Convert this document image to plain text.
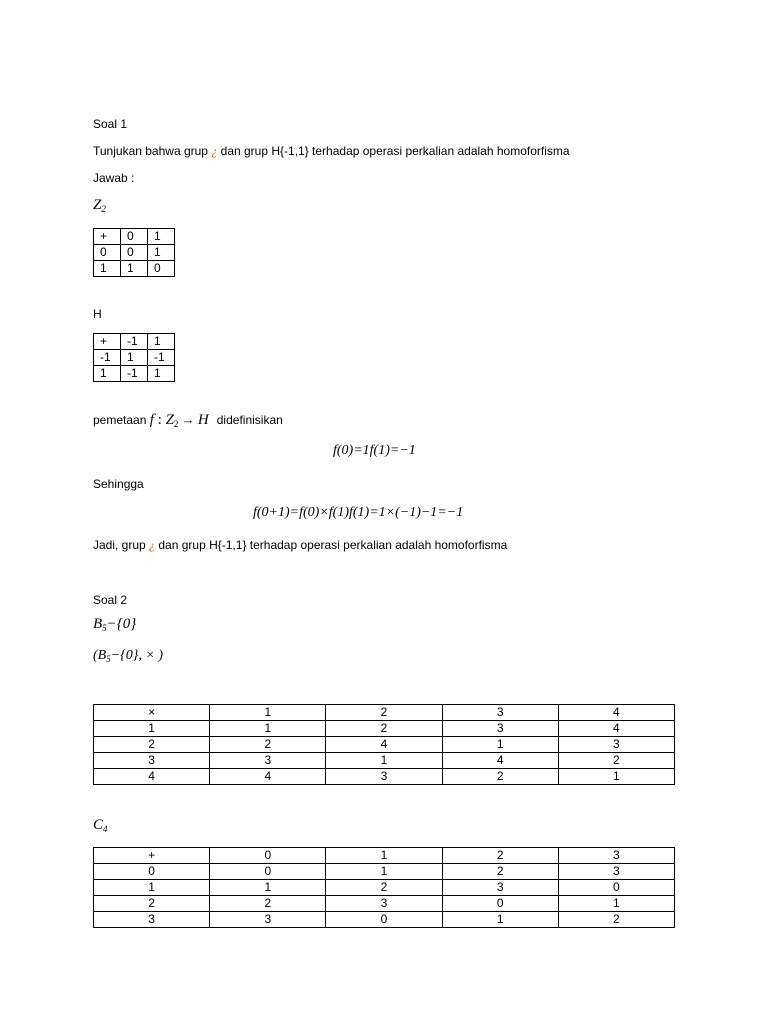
Soal 1
Tunjukan bahwa grup ¿ dan grup H{-1,1} terhadap operasi perkalian adalah homoforfisma
Jawab :
$Z_2$
+	0	1
0	0	1
1	1	0
H
+	-1	1
-1	1	-1
1	-1	1
pemetaan f : $Z_2 \to H$ didefinisikan
f(0)=1f(1)=−1
Sehingga
f(0+1)=f(0)×f(1)f(1)=1×(−1)−1=−1
Jadi, grup ¿ dan grup H{-1,1} terhadap operasi perkalian adalah homoforfisma
Soal 2
$B_5-\{0\}$
($B_5-\{0\}$, × )
×	1	2	3	4
1	1	2	3	4
2	2	4	1	3
3	3	1	4	2
4	4	3	2	1
$C_4$
+	0	1	2	3
0	0	1	2	3
1	1	2	3	0
2	2	3	0	1
3	3	0	1	2
